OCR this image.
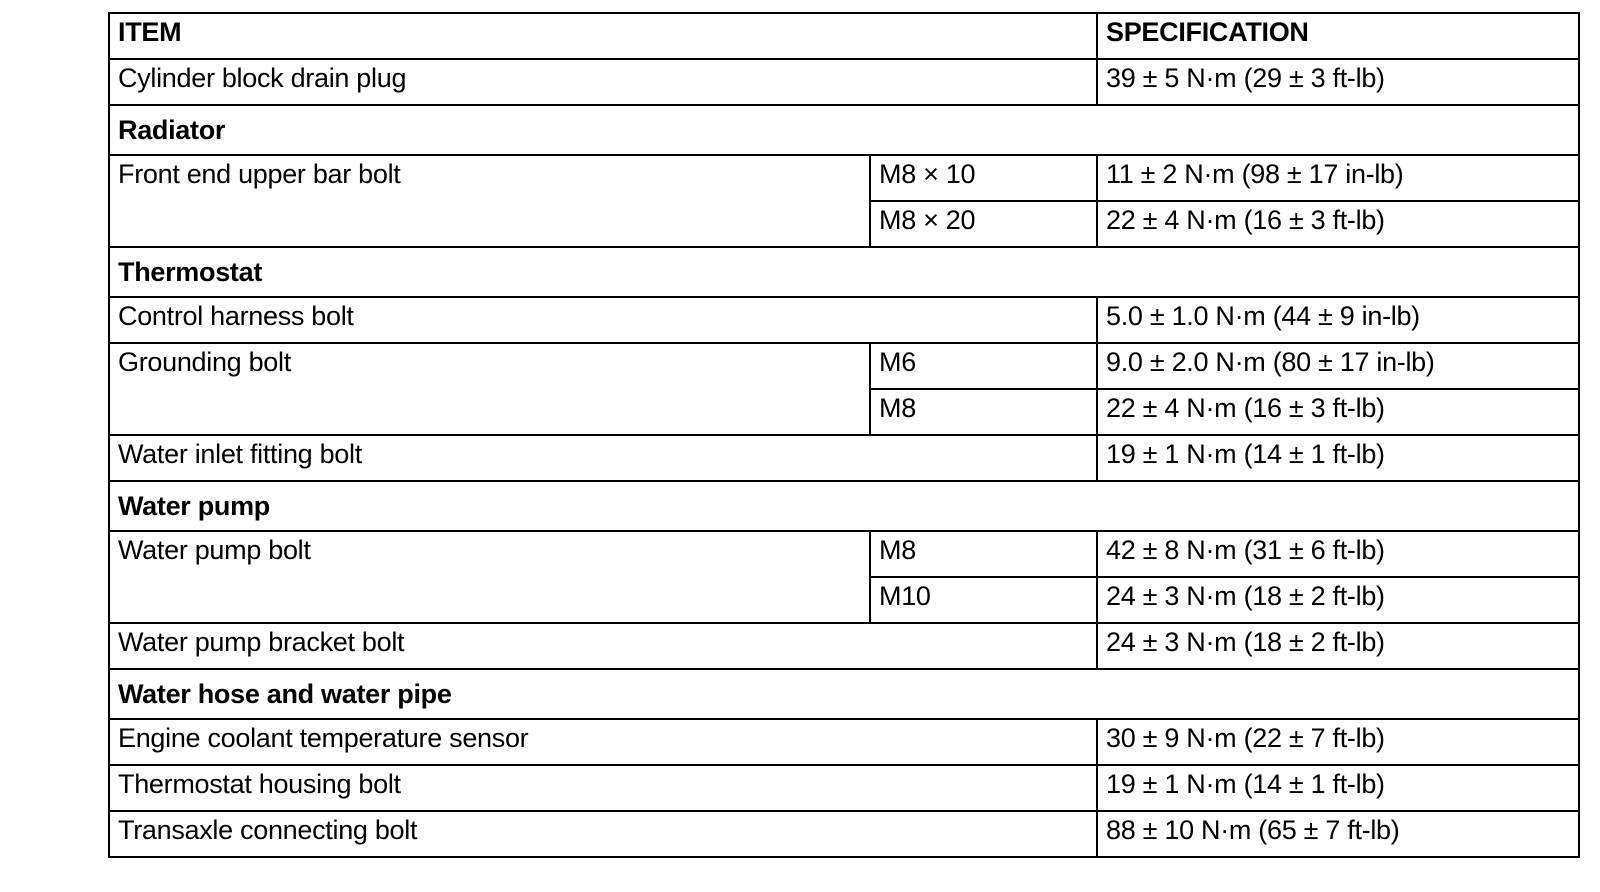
ITEM		SPECIFICATION
Cylinder block drain plug		39 ± 5 N·m (29 ± 3 ft-lb)
Radiator		
Front end upper bar bolt	M8 × 10	11 ± 2 N·m (98 ± 17 in-lb)
	M8 × 20	22 ± 4 N·m (16 ± 3 ft-lb)
Thermostat		
Control harness bolt		5.0 ± 1.0 N·m (44 ± 9 in-lb)
Grounding bolt	M6	9.0 ± 2.0 N·m (80 ± 17 in-lb)
	M8	22 ± 4 N·m (16 ± 3 ft-lb)
Water inlet fitting bolt		19 ± 1 N·m (14 ± 1 ft-lb)
Water pump		
Water pump bolt	M8	42 ± 8 N·m (31 ± 6 ft-lb)
	M10	24 ± 3 N·m (18 ± 2 ft-lb)
Water pump bracket bolt		24 ± 3 N·m (18 ± 2 ft-lb)
Water hose and water pipe		
Engine coolant temperature sensor		30 ± 9 N·m (22 ± 7 ft-lb)
Thermostat housing bolt		19 ± 1 N·m (14 ± 1 ft-lb)
Transaxle connecting bolt		88 ± 10 N·m (65 ± 7 ft-lb)
